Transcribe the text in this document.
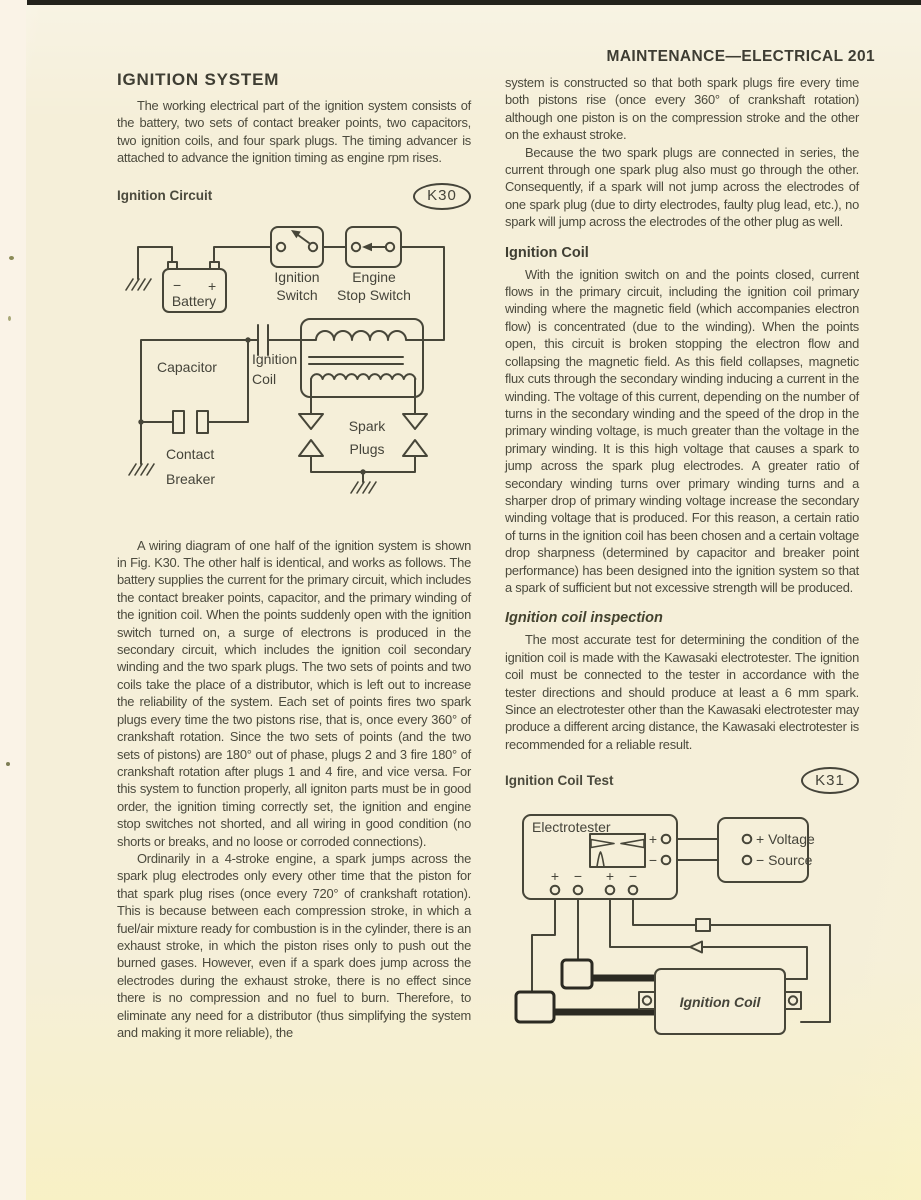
MAINTENANCE—ELECTRICAL 201
IGNITION SYSTEM

The working electrical part of the ignition system consists of the battery, two sets of contact breaker points, two capacitors, two ignition coils, and four spark plugs. The timing advancer is attached to advance the ignition timing as engine rpm rises.

Ignition Circuit	K30
− +
Battery
Ignition
Switch
Engine
Stop Switch
Capacitor	Ignition
Coil
Contact
Breaker
Spark
Plugs

A wiring diagram of one half of the ignition system is shown in Fig. K30. The other half is identical, and works as follows. The battery supplies the current for the primary circuit, which includes the contact breaker points, capacitor, and the primary winding of the ignition coil. When the points suddenly open with the ignition switch turned on, a surge of electrons is produced in the secondary circuit, which includes the ignition coil secondary winding and the two spark plugs. The two sets of points and two coils take the place of a distributor, which is left out to increase the reliability of the system. Each set of points fires two spark plugs every time the two pistons rise, that is, once every 360° of crankshaft rotation. Since the two sets of points (and the two sets of pistons) are 180° out of phase, plugs 2 and 3 fire 180° of crankshaft rotation after plugs 1 and 4 fire, and vice versa. For this system to function properly, all igniton parts must be in good order, the ignition timing correctly set, the ignition and engine stop switches not shorted, and all wiring in good condition (no shorts or breaks, and no loose or corroded connections).

Ordinarily in a 4-stroke engine, a spark jumps across the spark plug electrodes only every other time that the piston for that spark plug rises (once every 720° of crankshaft rotation). This is because between each compression stroke, in which a fuel/air mixture ready for combustion is in the cylinder, there is an exhaust stroke, in which the piston rises only to push out the burned gases. However, even if a spark does jump across the electrodes during the exhaust stroke, there is no effect since there is no compression and no fuel to burn. Therefore, to eliminate any need for a distributor (thus simplifying the system and making it more reliable), the

system is constructed so that both spark plugs fire every time both pistons rise (once every 360° of crankshaft rotation) although one piston is on the compression stroke and the other on the exhaust stroke.

Because the two spark plugs are connected in series, the current through one spark plug also must go through the other. Consequently, if a spark will not jump across the electrodes of one spark plug (due to dirty electrodes, faulty plug lead, etc.), no spark will jump across the electrodes of the other plug as well.

Ignition Coil

With the ignition switch on and the points closed, current flows in the primary circuit, including the ignition coil primary winding where the magnetic field (which accompanies electron flow) is concentrated (due to the winding). When the points open, this circuit is broken stopping the electron flow and collapsing the magnetic field. As this field collapses, magnetic flux cuts through the secondary winding inducing a current in the winding. The voltage of this current, depending on the number of turns in the secondary winding and the speed of the drop in the primary winding voltage, is much greater than the voltage in the primary winding. It is this high voltage that causes a spark to jump across the spark plug electrodes. A greater ratio of secondary winding turns over primary winding turns and a sharper drop of primary winding voltage increase the secondary winding voltage that is produced. For this reason, a certain ratio of turns in the ignition coil has been chosen and a certain voltage drop sharpness (determined by capacitor and breaker point performance) has been designed into the ignition system so that a spark of sufficient but not excessive strength will be produced.

Ignition coil inspection

The most accurate test for determining the condition of the ignition coil is made with the Kawasaki electrotester. The ignition coil must be connected to the tester in accordance with the tester directions and should produce at least a 6 mm spark. Since an electrotester other than the Kawasaki electrotester may produce a different arcing distance, the Kawasaki electrotester is recommended for a reliable result.

Ignition Coil Test	K31
Ignition Coil
Electrotester
+
−
+ − + −
+ Voltage
− Source
